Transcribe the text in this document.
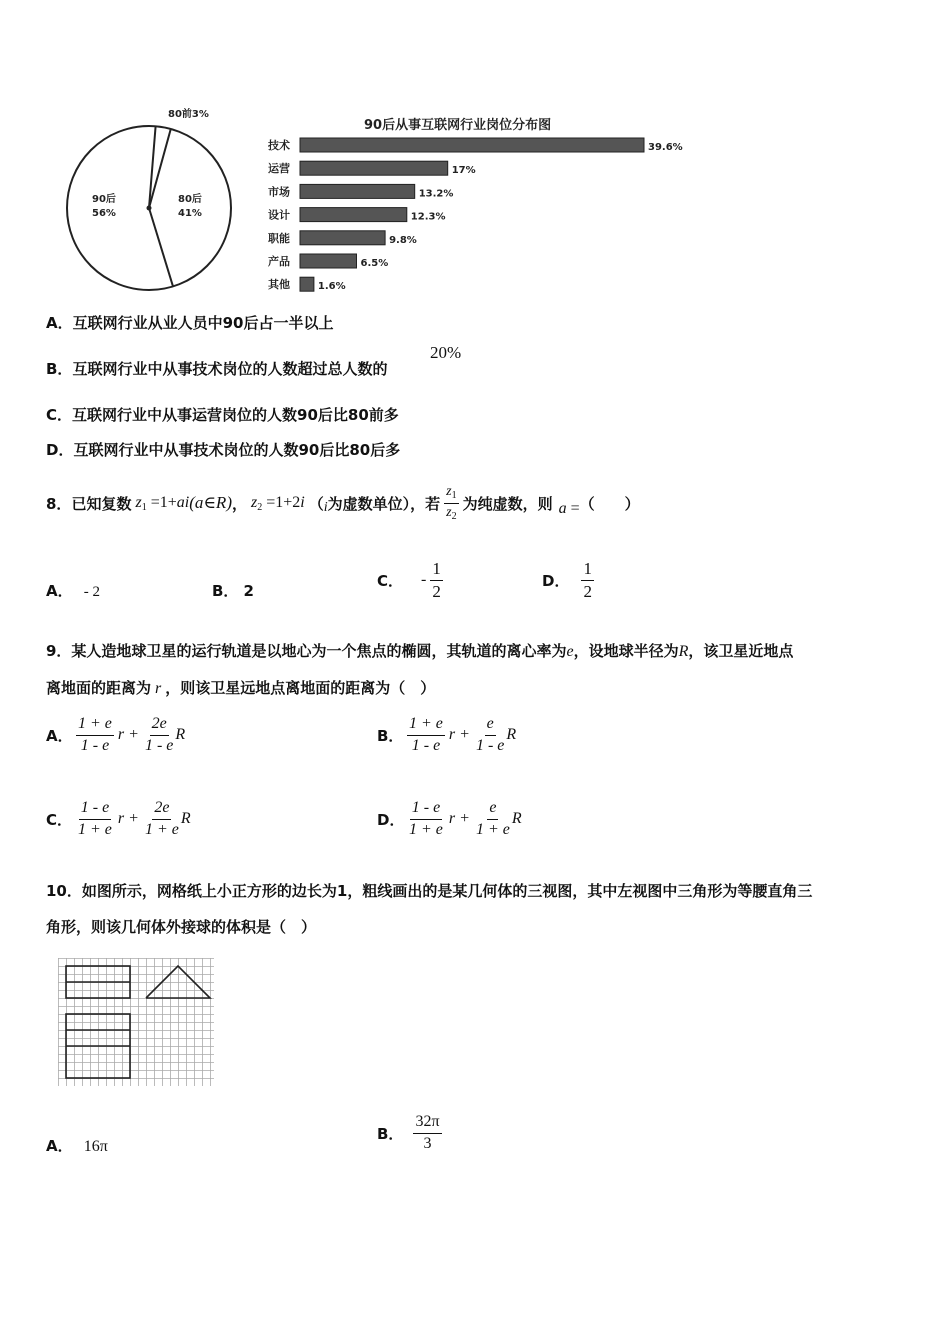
80前3%
80后 41%
90后 56%
90后从事互联网行业岗位分布图
技术	39.6%
运营	17%
市场	13.2%
设计	12.3%
职能	9.8%
产品	6.5%
其他	1.6%
A．互联网行业从业人员中90后占一半以上
B．互联网行业中从事技术岗位的人数超过总人数的
20%
C．互联网行业中从事运营岗位的人数90后比80前多
D．互联网行业中从事技术岗位的人数90后比80后多
8． 已知复数 $z_1 =1+$ ai (a∈R) ， $z_2 =1+2$ i （ i 为虚数单位），若 $\frac{z_1}{z_2}$ 为纯虚数，则 a = （　　）
A． - 2	B． 2
C． - $\frac{1}{2}$	D． $\frac{1}{2}$
9．某人造地球卫星的运行轨道是以地心为一个焦点的椭圆，其轨道的离心率为e，设地球半径为R，该卫星近地点
离地面的距离为 r ，则该卫星远地点离地面的距离为（　）
A． $\frac{1 + e}{1 - e}$ $r + \frac{2e}{1 - e}$ R	B． $\frac{1 + e}{1 - e}$ $r + \frac{e}{1 - e}$ R
C． $\frac{1 - e}{1 + e}$ $r + \frac{2e}{1 + e}$ R	D． $\frac{1 - e}{1 + e}$ $r + \frac{e}{1 + e}$ R
10．如图所示，网格纸上小正方形的边长为1，粗线画出的是某几何体的三视图，其中左视图中三角形为等腰直角三
角形，则该几何体外接球的体积是（　）
A． 16π
B． $\frac{32\pi}{3}$
